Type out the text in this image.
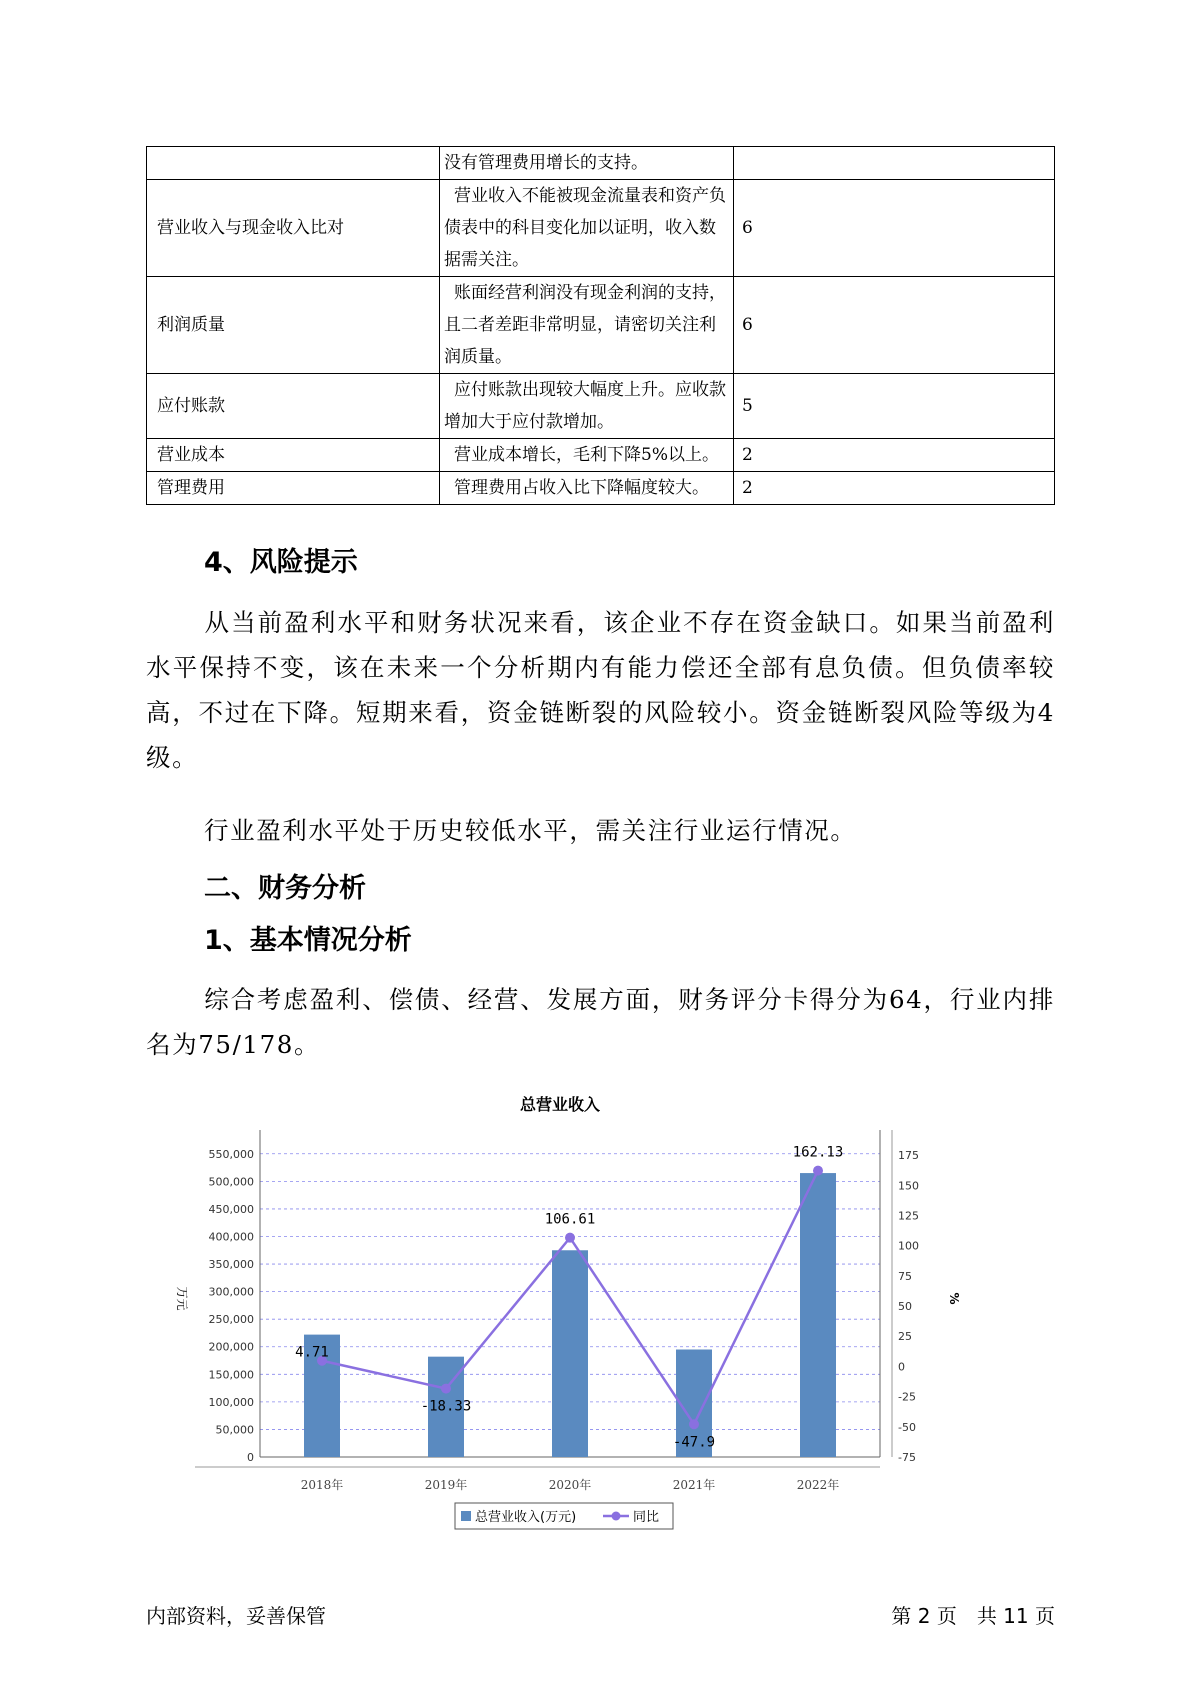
	没有管理费用增长的支持。	
营业收入与现金收入比对	营业收入不能被现金流量表和资产负债表中的科目变化加以证明，收入数据需关注。	6
利润质量	账面经营利润没有现金利润的支持，且二者差距非常明显，请密切关注利润质量。	6
应付账款	应付账款出现较大幅度上升。应收款增加大于应付款增加。	5
营业成本	营业成本增长，毛利下降5%以上。	2
管理费用	管理费用占收入比下降幅度较大。	2
4、风险提示
从当前盈利水平和财务状况来看，该企业不存在资金缺口。如果当前盈利水平保持不变，该在未来一个分析期内有能力偿还全部有息负债。但负债率较高，不过在下降。短期来看，资金链断裂的风险较小。资金链断裂风险等级为4级。
行业盈利水平处于历史较低水平，需关注行业运行情况。
二、财务分析
1、基本情况分析
综合考虑盈利、偿债、经营、发展方面，财务评分卡得分为64，行业内排名为75/178。
总营业收入
0
50,000
100,000
150,000
200,000
250,000
300,000
350,000
400,000
450,000
500,000
550,000
-75
-50
-25
0
25
50
75
100
125
150
175
万元	%
2018年	2019年	2020年	2021年	2022年
4.71
-18.33
106.61
-47.9
162.13
总营业收入(万元)	同比
内部资料，妥善保管	第 2 页　共 11 页
